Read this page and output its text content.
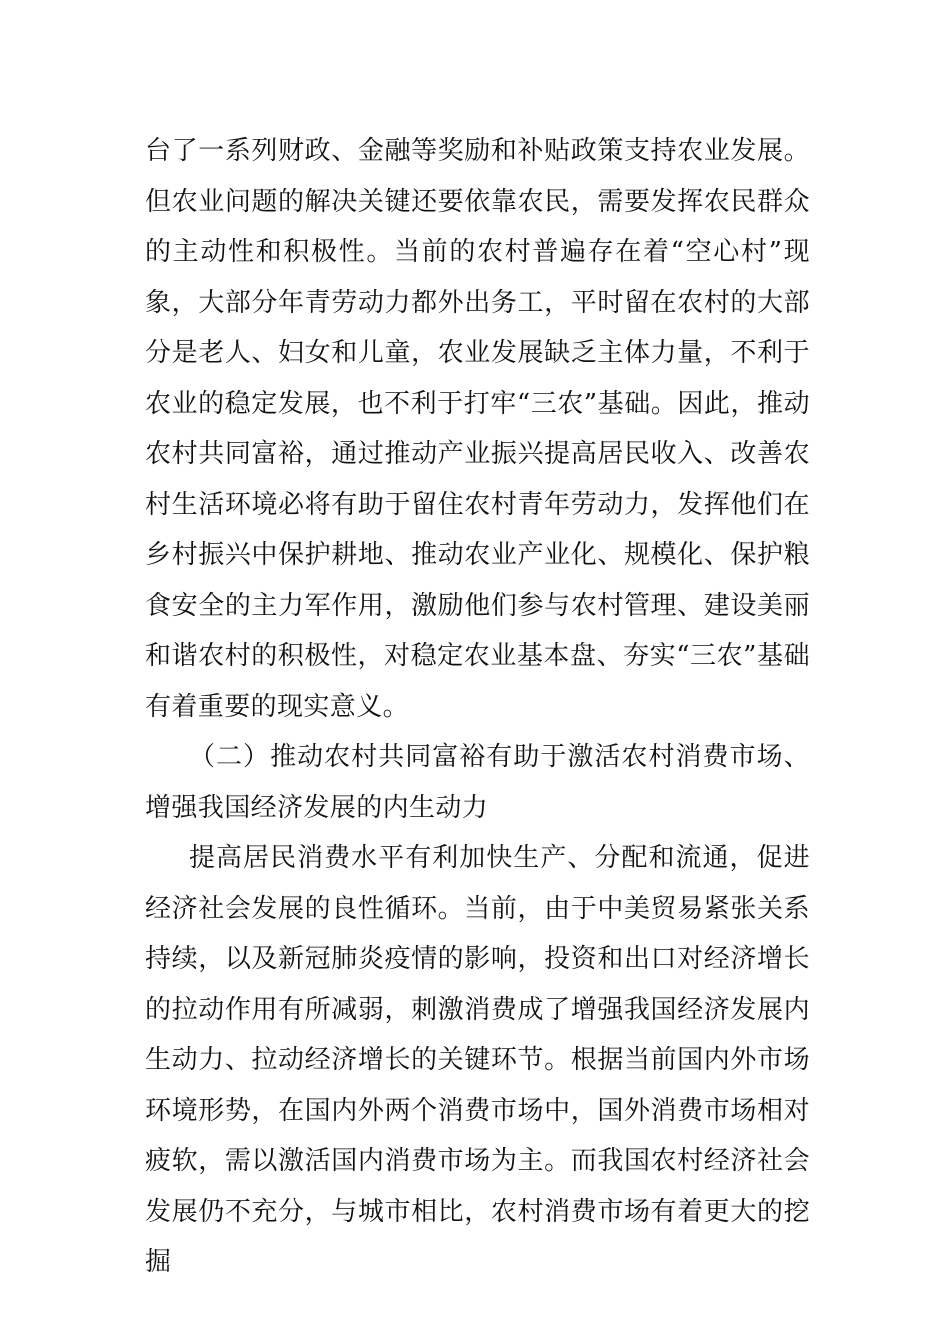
台了一系列财政、金融等奖励和补贴政策支持农业发展。但农业问题的解决关键还要依靠农民，需要发挥农民群众的主动性和积极性。当前的农村普遍存在着“空心村”现象，大部分年青劳动力都外出务工，平时留在农村的大部分是老人、妇女和儿童，农业发展缺乏主体力量，不利于农业的稳定发展，也不利于打牢“三农”基础。因此，推动农村共同富裕，通过推动产业振兴提高居民收入、改善农村生活环境必将有助于留住农村青年劳动力，发挥他们在乡村振兴中保护耕地、推动农业产业化、规模化、保护粮食安全的主力军作用，激励他们参与农村管理、建设美丽和谐农村的积极性，对稳定农业基本盘、夯实“三农”基础有着重要的现实意义。

（二）推动农村共同富裕有助于激活农村消费市场、增强我国经济发展的内生动力

提高居民消费水平有利加快生产、分配和流通，促进经济社会发展的良性循环。当前，由于中美贸易紧张关系持续，以及新冠肺炎疫情的影响，投资和出口对经济增长的拉动作用有所减弱，刺激消费成了增强我国经济发展内生动力、拉动经济增长的关键环节。根据当前国内外市场环境形势，在国内外两个消费市场中，国外消费市场相对疲软，需以激活国内消费市场为主。而我国农村经济社会发展仍不充分，与城市相比，农村消费市场有着更大的挖掘
